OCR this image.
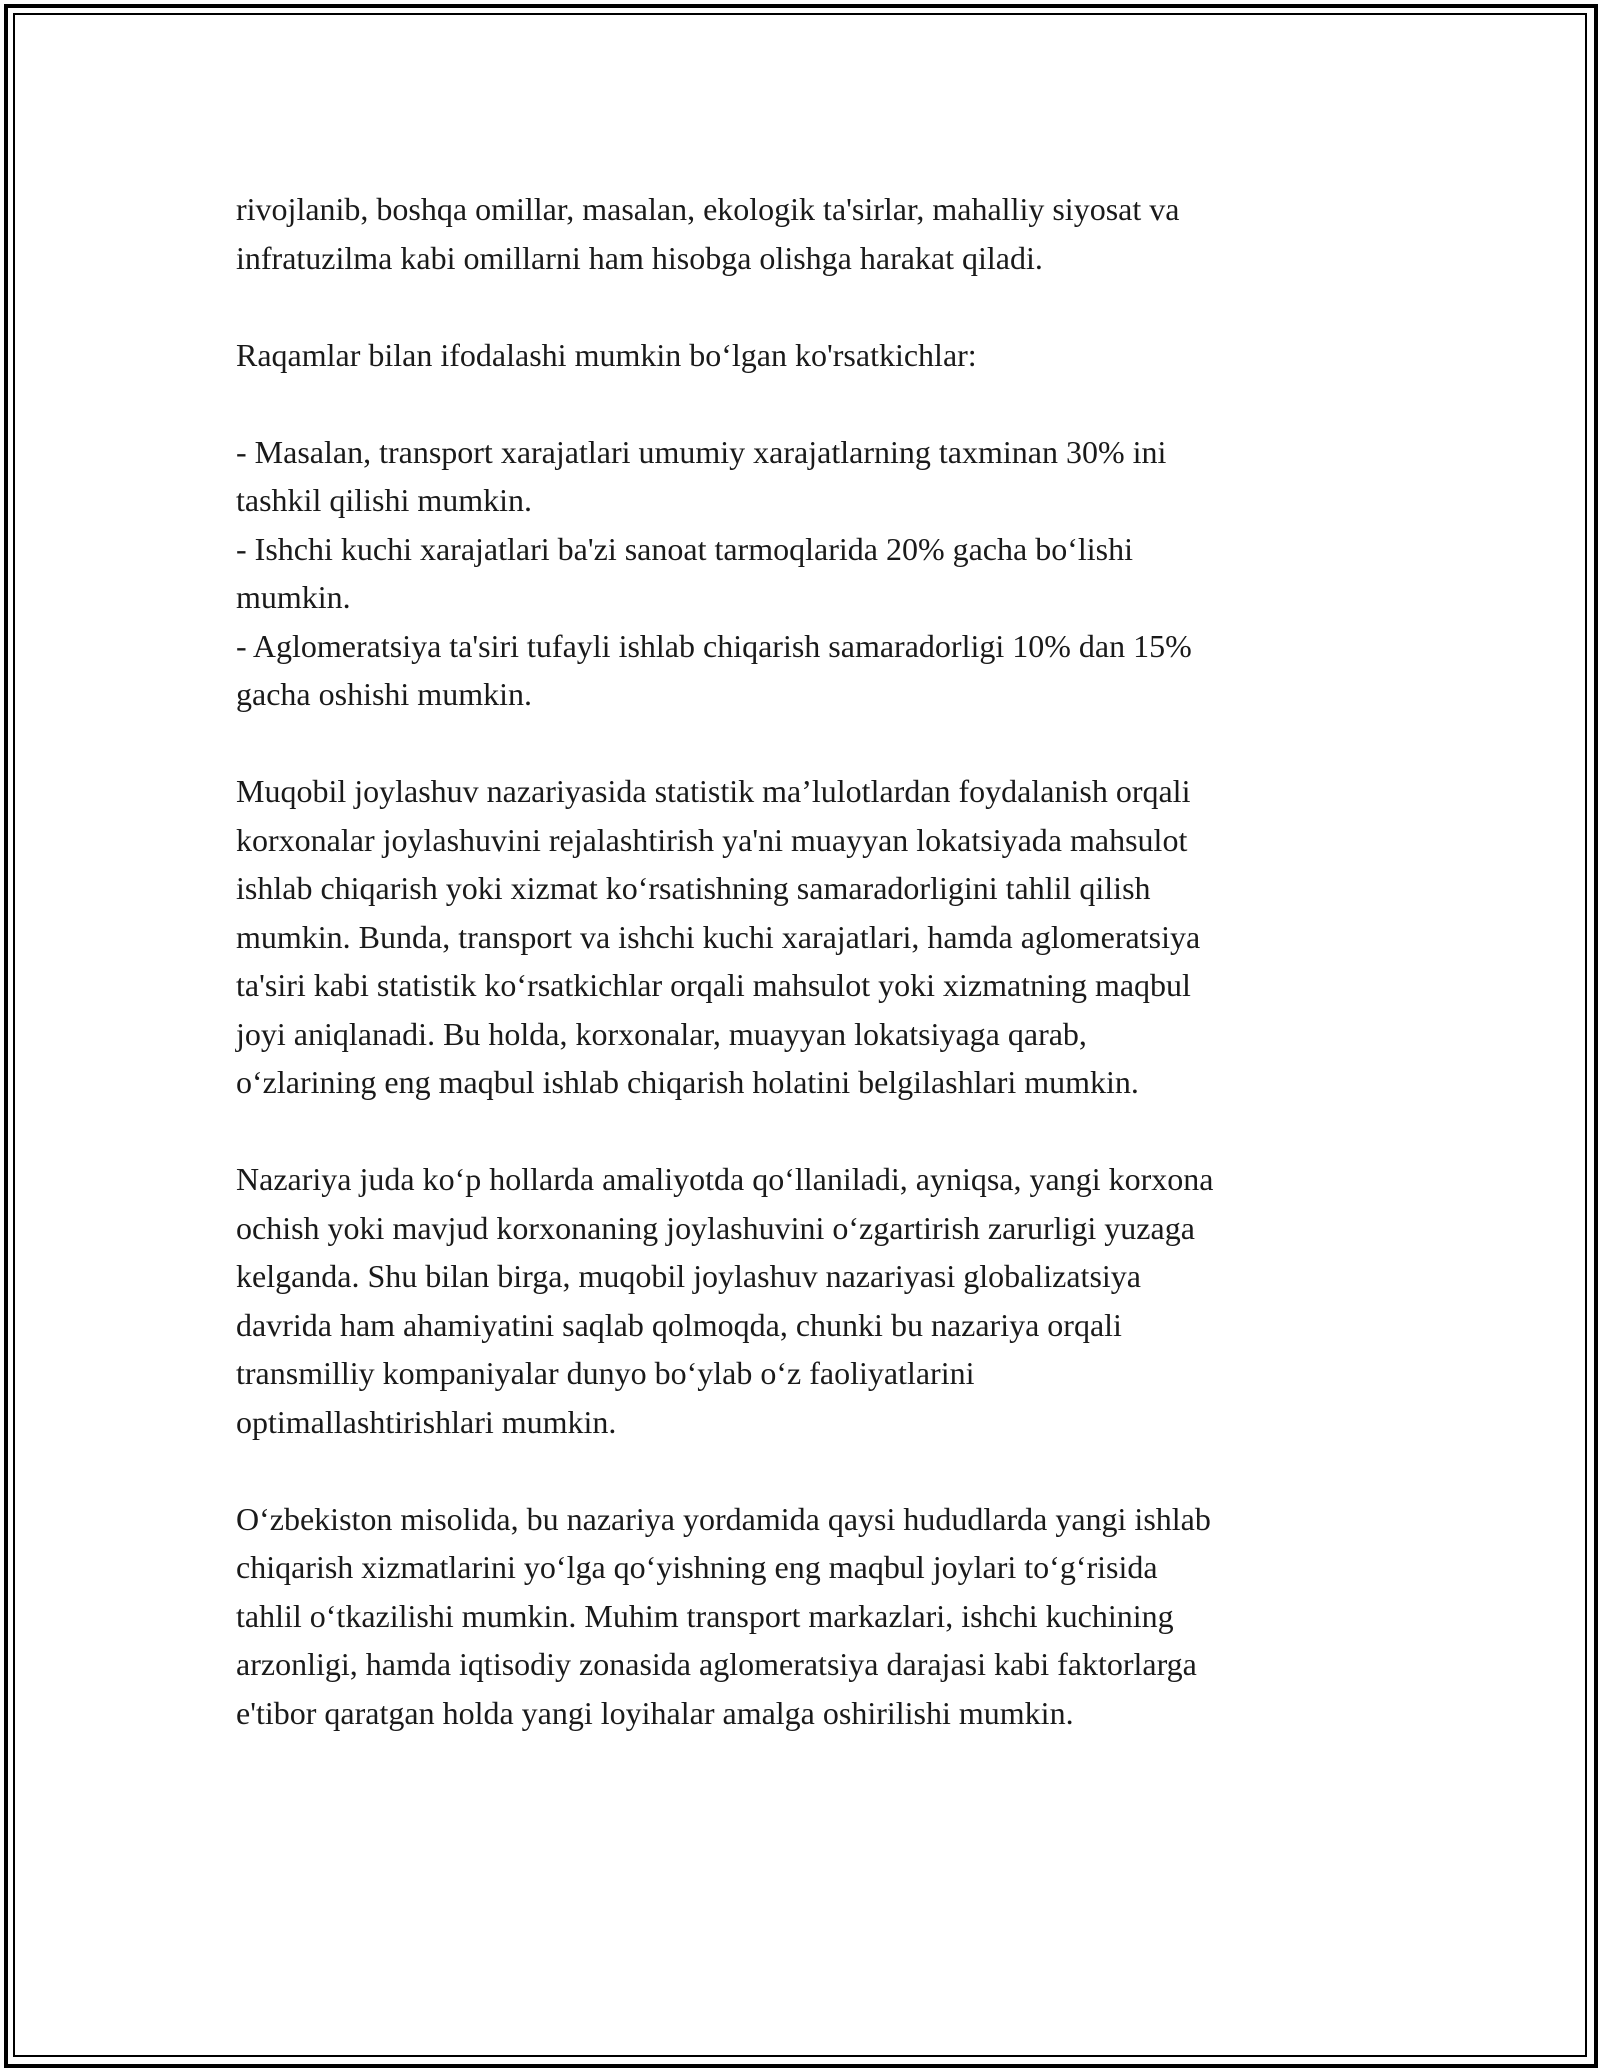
rivojlanib, boshqa omillar, masalan, ekologik ta'sirlar, mahalliy siyosat va
infratuzilma kabi omillarni ham hisobga olishga harakat qiladi.

Raqamlar bilan ifodalashi mumkin bo‘lgan ko'rsatkichlar:

- Masalan, transport xarajatlari umumiy xarajatlarning taxminan 30% ini
tashkil qilishi mumkin.
- Ishchi kuchi xarajatlari ba'zi sanoat tarmoqlarida 20% gacha bo‘lishi
mumkin.
- Aglomeratsiya ta'siri tufayli ishlab chiqarish samaradorligi 10% dan 15%
gacha oshishi mumkin.

Muqobil joylashuv nazariyasida statistik ma’lulotlardan foydalanish orqali
korxonalar joylashuvini rejalashtirish ya'ni muayyan lokatsiyada mahsulot
ishlab chiqarish yoki xizmat ko‘rsatishning samaradorligini tahlil qilish
mumkin. Bunda, transport va ishchi kuchi xarajatlari, hamda aglomeratsiya
ta'siri kabi statistik ko‘rsatkichlar orqali mahsulot yoki xizmatning maqbul
joyi aniqlanadi. Bu holda, korxonalar, muayyan lokatsiyaga qarab,
o‘zlarining eng maqbul ishlab chiqarish holatini belgilashlari mumkin.

Nazariya juda ko‘p hollarda amaliyotda qo‘llaniladi, ayniqsa, yangi korxona
ochish yoki mavjud korxonaning joylashuvini o‘zgartirish zarurligi yuzaga
kelganda. Shu bilan birga, muqobil joylashuv nazariyasi globalizatsiya
davrida ham ahamiyatini saqlab qolmoqda, chunki bu nazariya orqali
transmilliy kompaniyalar dunyo bo‘ylab o‘z faoliyatlarini
optimallashtirishlari mumkin.

O‘zbekiston misolida, bu nazariya yordamida qaysi hududlarda yangi ishlab
chiqarish xizmatlarini yo‘lga qo‘yishning eng maqbul joylari to‘g‘risida
tahlil o‘tkazilishi mumkin. Muhim transport markazlari, ishchi kuchining
arzonligi, hamda iqtisodiy zonasida aglomeratsiya darajasi kabi faktorlarga
e'tibor qaratgan holda yangi loyihalar amalga oshirilishi mumkin.
